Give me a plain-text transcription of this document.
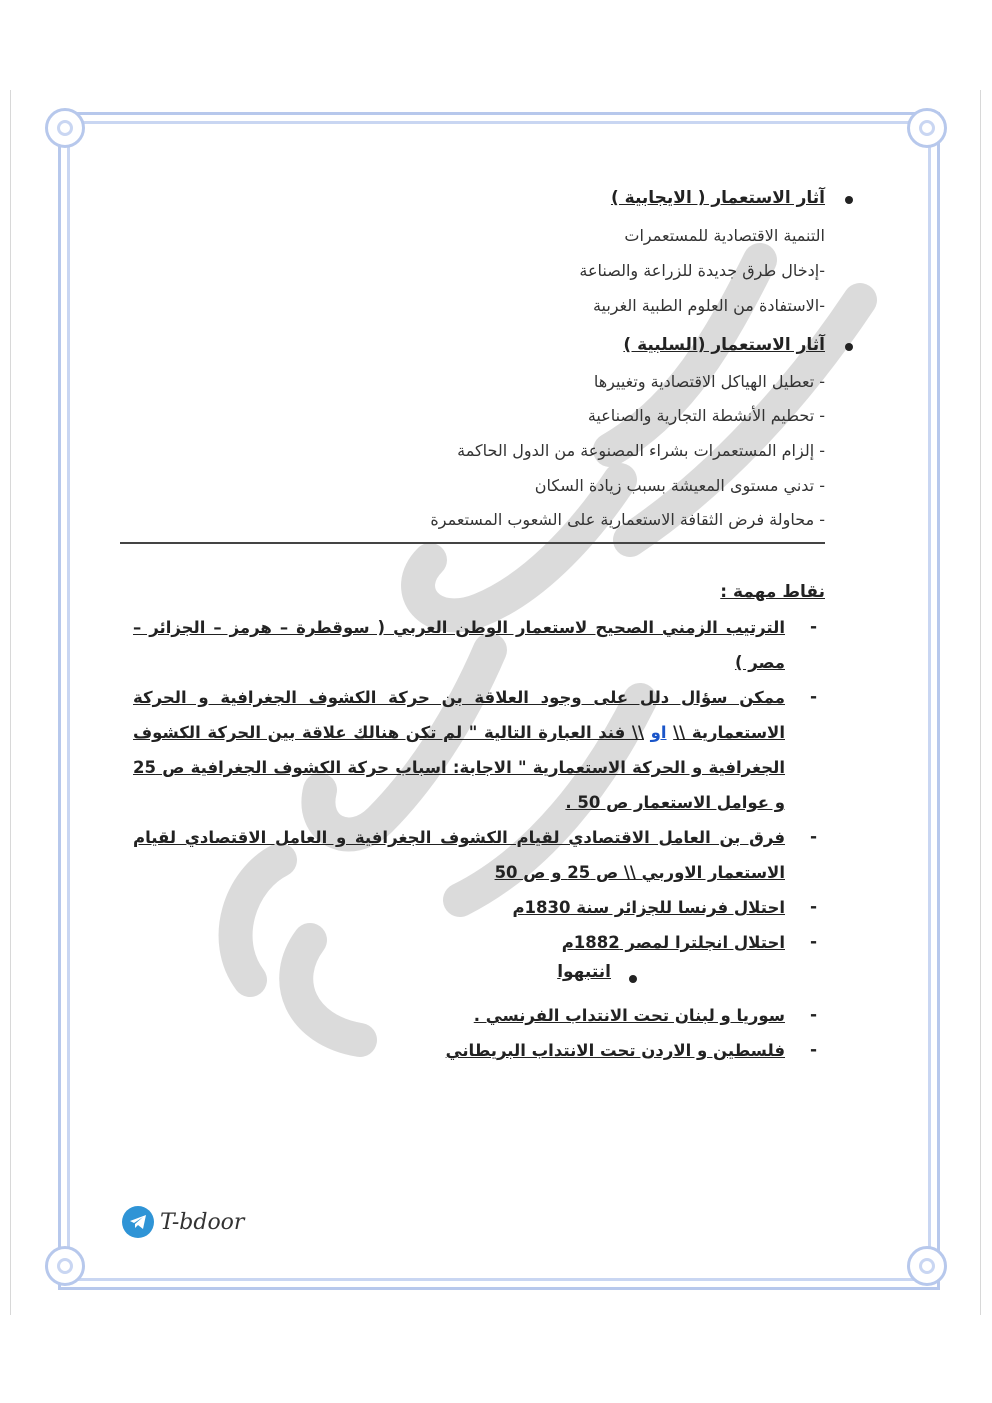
آثار الاستعمار ( الايجابية )
التنمية الاقتصادية للمستعمرات
-إدخال طرق جديدة للزراعة والصناعة
-الاستفادة من العلوم الطبية الغربية
آثار الاستعمار (السلبية )
- تعطيل الهياكل الاقتصادية وتغييرها
- تحطيم الأنشطة التجارية والصناعية
- إلزام المستعمرات بشراء المصنوعة من الدول الحاكمة
- تدني مستوى المعيشة بسبب زيادة السكان
- محاولة فرض الثقافة الاستعمارية على الشعوب المستعمرة
نقاط مهمة :
-
الترتيب الزمني الصحيح لاستعمار الوطن العربي ( سوقطرة – هرمز – الجزائر – مصر )
-
ممكن سؤال دلل على وجود العلاقة بن حركة الكشوف الجغرافية و الحركة الاستعمارية \\ او \\ فند العبارة التالية " لم تكن هنالك علاقة بين الحركة الكشوف الجغرافية و الحركة الاستعمارية " الاجابة: اسباب حركة الكشوف الجغرافية ص 25 و عوامل الاستعمار ص 50 .
-
فرق بن العامل الاقتصادي لقيام الكشوف الجغرافية و العامل الاقتصادي لقيام الاستعمار الاوربي \\ ص 25 و ص 50
-
احتلال فرنسا للجزائر سنة 1830م
-
احتلال انجلترا لمصر 1882م
انتبهوا
-
سوريا و لبنان تحت الانتداب الفرنسي .
-
فلسطين و الاردن تحت الانتداب البريطاني
T-bdoor
